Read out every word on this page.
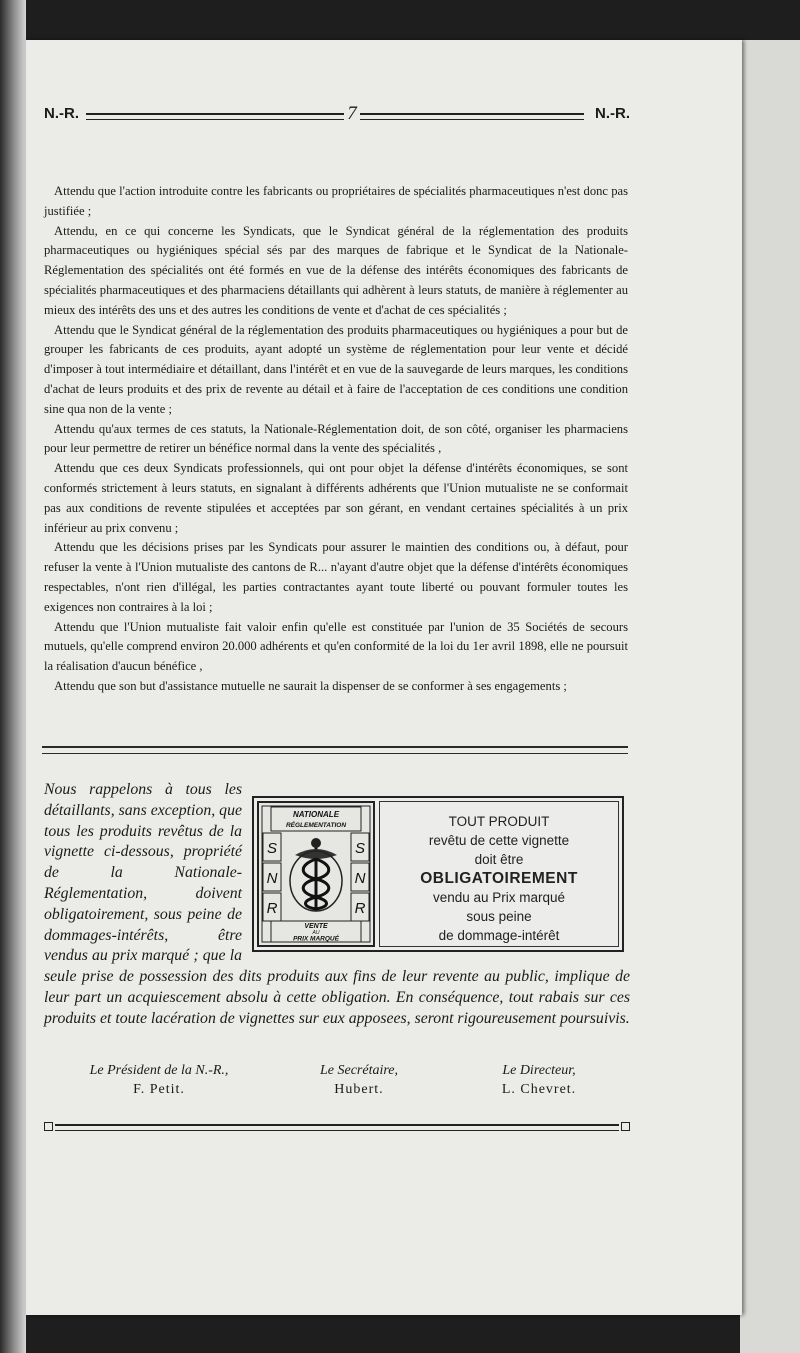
N.-R.	7	N.-R.

Attendu que l'action introduite contre les fabricants ou propriétaires de spécialités pharmaceutiques n'est donc pas justifiée ;

Attendu, en ce qui concerne les Syndicats, que le Syndicat général de la réglementation des produits pharmaceutiques ou hygiéniques spécial sés par des marques de fabrique et le Syndicat de la Nationale-Réglementation des spécialités ont été formés en vue de la défense des intérêts économiques des fabricants de spécialités pharmaceutiques et des pharmaciens détaillants qui adhèrent à leurs statuts, de manière à réglementer au mieux des intérêts des uns et des autres les conditions de vente et d'achat de ces spécialités ;

Attendu que le Syndicat général de la réglementation des produits pharmaceutiques ou hygiéniques a pour but de grouper les fabricants de ces produits, ayant adopté un système de réglementation pour leur vente et décidé d'imposer à tout intermédiaire et détaillant, dans l'intérêt et en vue de la sauvegarde de leurs marques, les conditions d'achat de leurs produits et des prix de revente au détail et à faire de l'acceptation de ces conditions une condition sine qua non de la vente ;

Attendu qu'aux termes de ces statuts, la Nationale-Réglementation doit, de son côté, organiser les pharmaciens pour leur permettre de retirer un bénéfice normal dans la vente des spécialités ,

Attendu que ces deux Syndicats professionnels, qui ont pour objet la défense d'intérêts économiques, se sont conformés strictement à leurs statuts, en signalant à différents adhérents que l'Union mutualiste ne se conformait pas aux conditions de revente stipulées et acceptées par son gérant, en vendant certaines spécialités à un prix inférieur au prix convenu ;

Attendu que les décisions prises par les Syndicats pour assurer le maintien des conditions ou, à défaut, pour refuser la vente à l'Union mutualiste des cantons de R... n'ayant d'autre objet que la défense d'intérêts économiques respectables, n'ont rien d'illégal, les parties contractantes ayant toute liberté ou pouvant formuler toutes les exigences non contraires à la loi ;

Attendu que l'Union mutualiste fait valoir enfin qu'elle est constituée par l'union de 35 Sociétés de secours mutuels, qu'elle comprend environ 20.000 adhérents et qu'en conformité de la loi du 1er avril 1898, elle ne poursuit la réalisation d'aucun bénéfice ,

Attendu que son but d'assistance mutuelle ne saurait la dispenser de se conformer à ses engagements ;

NATIONALE
RÉGLEMENTATION
S	S
N	N
R	R
VENTE
AU
PRIX MARQUÉ
TOUT PRODUIT
revêtu de cette vignette
doit être
OBLIGATOIREMENT
vendu au Prix marqué
sous peine
de dommage-intérêt

Nous rappelons à tous les détaillants, sans exception, que tous les produits revêtus de la vignette ci-dessous, propriété de la Nationale-Réglementation, doivent obligatoirement, sous peine de dommages-intérêts, être vendus au prix marqué ; que la seule prise de possession des dits produits aux fins de leur revente au public, implique de leur part un acquiescement absolu à cette obligation. En conséquence, tout rabais sur ces produits et toute lacération de vignettes sur eux apposees, seront rigoureusement poursuivis.

Le Président de la N.-R.,
F. Petit.
Le Secrétaire,
Hubert.
Le Directeur,
L. Chevret.
